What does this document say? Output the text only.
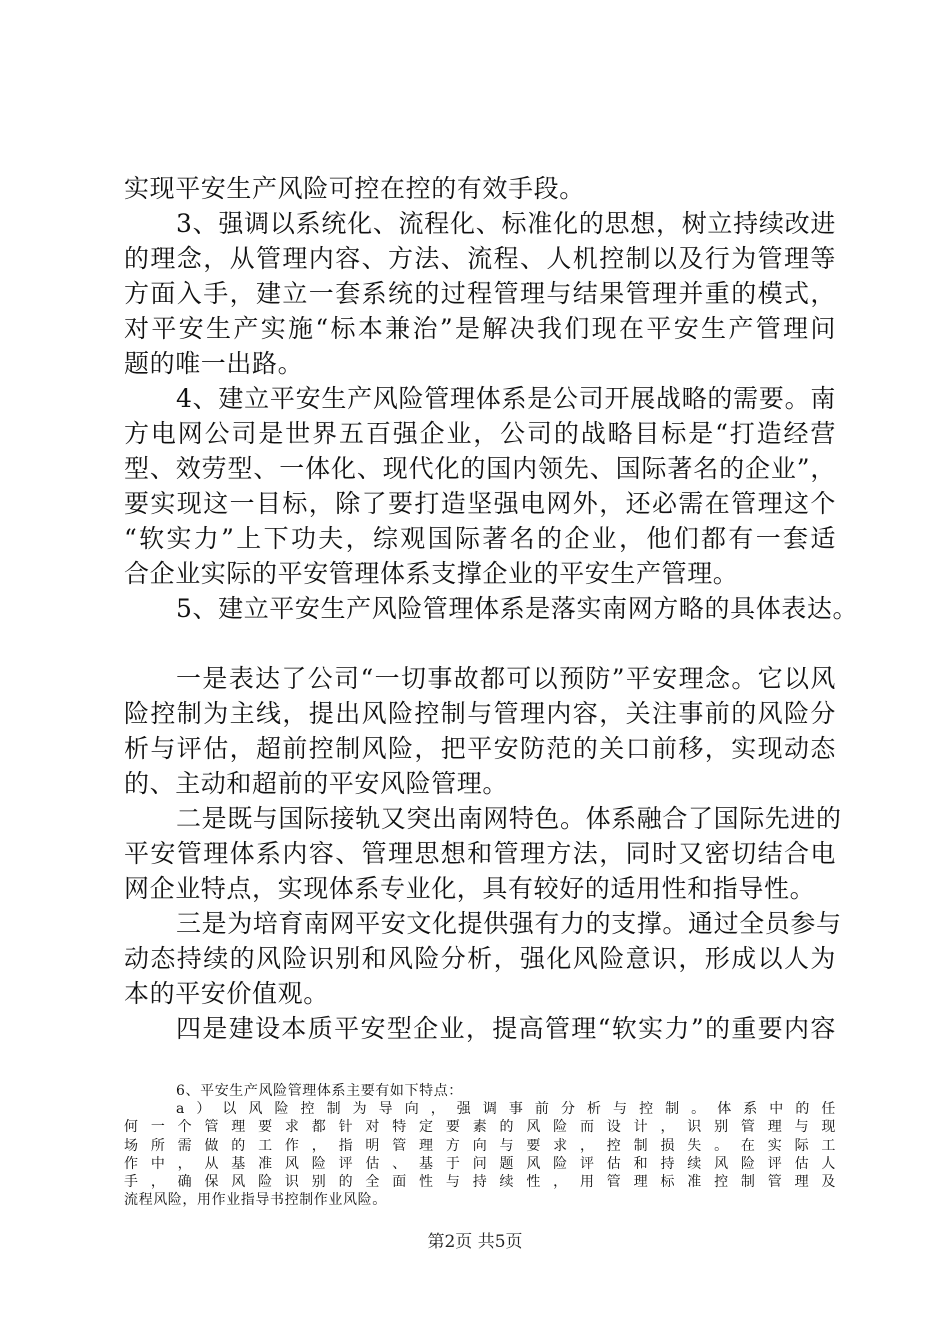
实现平安生产风险可控在控的有效手段。
3、强调以系统化、流程化、标准化的思想，树立持续改进
的理念，从管理内容、方法、流程、人机控制以及行为管理等
方面入手，建立一套系统的过程管理与结果管理并重的模式，
对平安生产实施“标本兼治”是解决我们现在平安生产管理问
题的唯一出路。
4、建立平安生产风险管理体系是公司开展战略的需要。南
方电网公司是世界五百强企业，公司的战略目标是“打造经营
型、效劳型、一体化、现代化的国内领先、国际著名的企业”，
要实现这一目标，除了要打造坚强电网外，还必需在管理这个
“软实力”上下功夫，综观国际著名的企业，他们都有一套适
合企业实际的平安管理体系支撑企业的平安生产管理。
5、建立平安生产风险管理体系是落实南网方略的具体表达。
一是表达了公司“一切事故都可以预防”平安理念。它以风
险控制为主线，提出风险控制与管理内容，关注事前的风险分
析与评估，超前控制风险，把平安防范的关口前移，实现动态
的、主动和超前的平安风险管理。
二是既与国际接轨又突出南网特色。体系融合了国际先进的
平安管理体系内容、管理思想和管理方法，同时又密切结合电
网企业特点，实现体系专业化，具有较好的适用性和指导性。
三是为培育南网平安文化提供强有力的支撑。通过全员参与
动态持续的风险识别和风险分析，强化风险意识，形成以人为
本的平安价值观。
四是建设本质平安型企业，提高管理“软实力”的重要内容
6、平安生产风险管理体系主要有如下特点：
a）以风险控制为导向，强调事前分析与控制。体系中的任
何一个管理要求都针对特定要素的风险而设计，识别管理与现
场所需做的工作，指明管理方向与要求，控制损失。在实际工
作中，从基准风险评估、基于问题风险评估和持续风险评估人
手，确保风险识别的全面性与持续性，用管理标准控制管理及
流程风险，用作业指导书控制作业风险。
第2页 共5页
